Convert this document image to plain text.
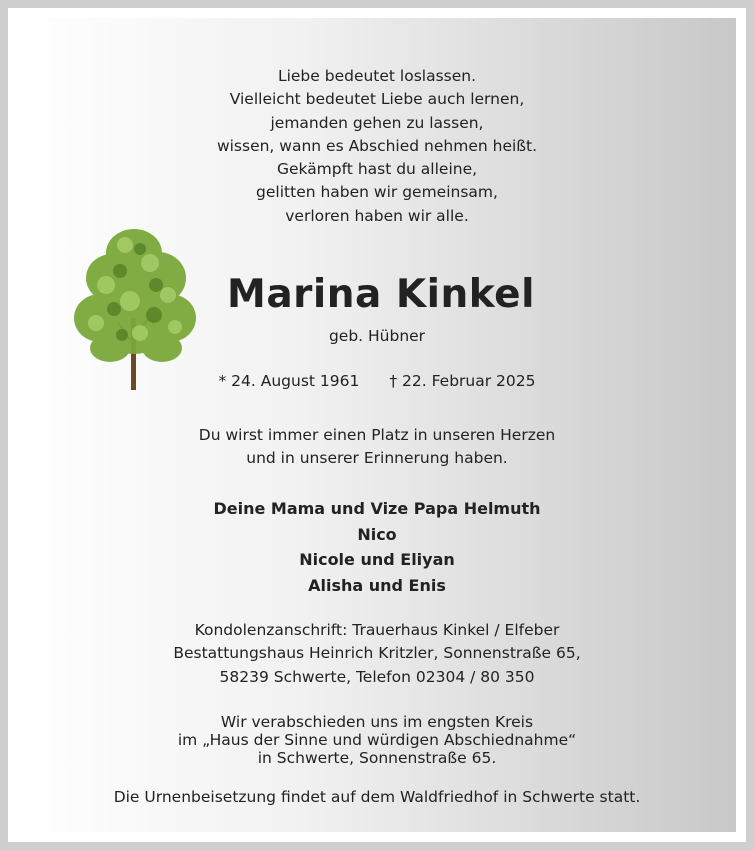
Liebe bedeutet loslassen.
Vielleicht bedeutet Liebe auch lernen,
jemanden gehen zu lassen,
wissen, wann es Abschied nehmen heißt.
Gekämpft hast du alleine,
gelitten haben wir gemeinsam,
verloren haben wir alle.
Marina Kinkel
geb. Hübner
* 24. August 1961 † 22. Februar 2025
Du wirst immer einen Platz in unseren Herzen
und in unserer Erinnerung haben.
Deine Mama und Vize Papa Helmuth
Nico
Nicole und Eliyan
Alisha und Enis
Kondolenzanschrift: Trauerhaus Kinkel / Elfeber
Bestattungshaus Heinrich Kritzler, Sonnenstraße 65,
58239 Schwerte, Telefon 02304 / 80 350
Wir verabschieden uns im engsten Kreis
im „Haus der Sinne und würdigen Abschiednahme“
in Schwerte, Sonnenstraße 65.
Die Urnenbeisetzung findet auf dem Waldfriedhof in Schwerte statt.
